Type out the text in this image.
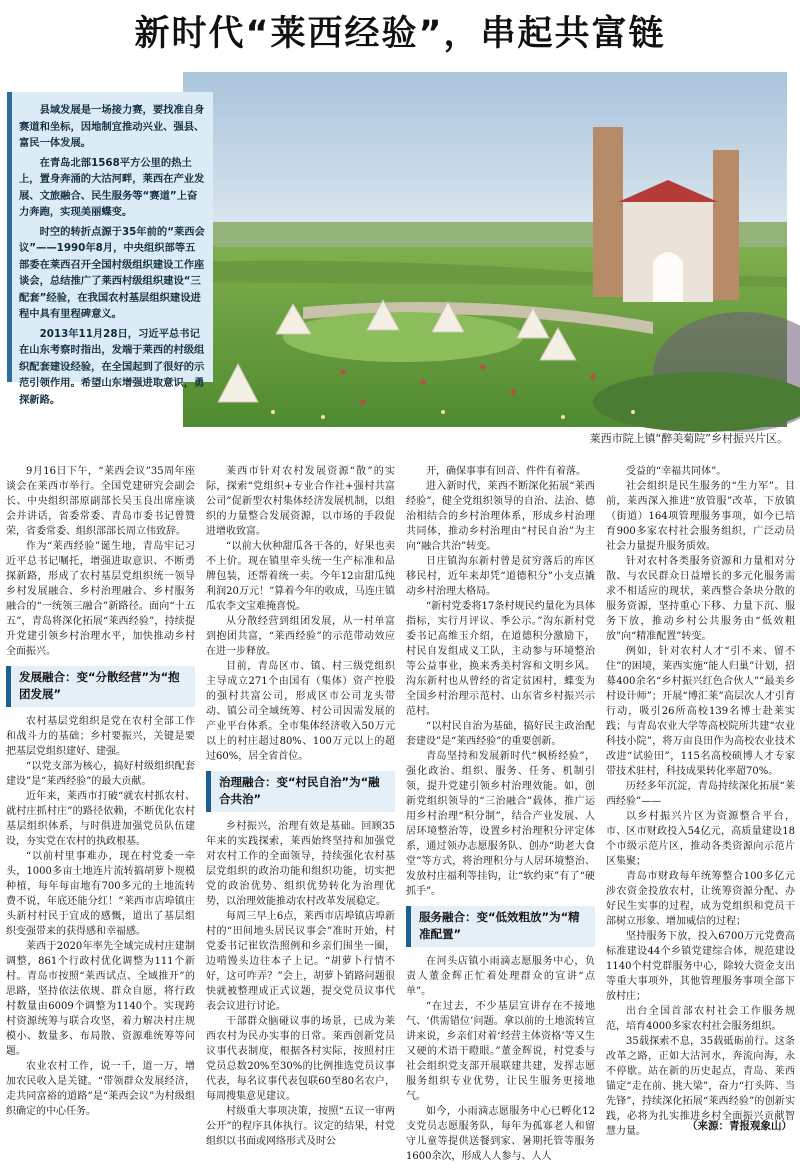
新时代“莱西经验”，串起共富链
莱西市院上镇“醉美菊院”乡村振兴片区。

县域发展是一场接力赛，要找准自身赛道和坐标，因地制宜推动兴业、强县、富民一体发展。

在青岛北部1568平方公里的热土上，置身奔涌的大沽河畔，莱西在产业发展、文旅融合、民生服务等“赛道”上奋力奔跑，实现美丽蝶变。

时空的转折点源于35年前的“莱西会议”——1990年8月，中央组织部等五部委在莱西召开全国村级组织建设工作座谈会，总结推广了莱西村级组织建设“三配套”经验，在我国农村基层组织建设进程中具有里程碑意义。

2013年11月28日，习近平总书记在山东考察时指出，发端于莱西的村级组织配套建设经验，在全国起到了很好的示范引领作用。希望山东增强进取意识，勇探新路。

9月16日下午，“莱西会议”35周年座谈会在莱西市举行。全国党建研究会副会长、中央组织部原副部长吴玉良出席座谈会并讲话，省委常委、青岛市委书记曾赞荣，省委常委、组织部部长周立伟致辞。

作为“莱西经验”诞生地，青岛牢记习近平总书记嘱托，增强进取意识、不断勇探新路，形成了农村基层党组织统一领导乡村发展融合、乡村治理融合、乡村服务融合的“一统领三融合”新路径。面向“十五五”，青岛将深化拓展“莱西经验”，持续提升党建引领乡村治理水平，加快推动乡村全面振兴。

发展融合：变“分散经营”为“抱团发展”

农村基层党组织是党在农村全部工作和战斗力的基础；乡村要振兴，关键是要把基层党组织建好、建强。

“以党支部为核心，搞好村级组织配套建设”是“莱西经验”的最大贡献。

近年来，莱西市打破“就农村抓农村、就村庄抓村庄”的路径依赖，不断优化农村基层组织体系，与时俱进加强党员队伍建设，夯实党在农村的执政根基。

“以前村里事难办，现在村党委一牵头，1000多亩土地连片流转搞胡萝卜规模种植，每年每亩地有700多元的土地流转费不说，年底还能分红！”莱西市店埠镇庄头新村村民于宜成的感慨，道出了基层组织变强带来的获得感和幸福感。

莱西于2020年率先全域完成村庄建制调整，861个行政村优化调整为111个新村。青岛市按照“莱西试点、全域推开”的思路，坚持依法依规、群众自愿，将行政村数量由6009个调整为1140个。实现跨村资源统筹与联合攻坚，着力解决村庄规模小、数量多、布局散、资源难统筹等问题。

农业农村工作，说一千，道一万，增加农民收入是关键。“带领群众发展经济，走共同富裕的道路”是“莱西会议”为村级组织确定的中心任务。

莱西市针对农村发展资源“散”的实际，探索“党组织+专业合作社+强村共富公司”促新型农村集体经济发展机制，以组织的力量整合发展资源，以市场的手段促进增收致富。

“以前大伙种甜瓜各干各的，好果也卖不上价。现在镇里牵头统一生产标准和品牌包装，还帮着统一卖。今年12亩甜瓜纯利润20万元！”算着今年的收成，马连庄镇瓜农李文宝难掩喜悦。

从分散经营到组团发展，从一村单富到抱团共富，“莱西经验”的示范带动效应在进一步释放。

目前，青岛区市、镇、村三级党组织主导成立271个由国有（集体）资产控股的强村共富公司，形成区市公司龙头带动、镇公司全域统筹、村公司因需发展的产业平台体系。全市集体经济收入50万元以上的村庄超过80%、100万元以上的超过60%，居全省首位。

治理融合：变“村民自治”为“融合共治”

乡村振兴，治理有效是基础。回顾35年来的实践探索，莱西始终坚持和加强党对农村工作的全面领导，持续强化农村基层党组织的政治功能和组织功能，切实把党的政治优势、组织优势转化为治理优势，以治理效能推动农村改革发展稳定。

每周三早上6点，莱西市店埠镇店埠新村的“田间地头居民议事会”准时开始，村党委书记崔钦浩照例和乡亲们围坐一圈，边啃馒头边往本子上记。“胡萝卜行情不好，这可咋弄？”会上，胡萝卜销路问题很快就被整理成正式议题，提交党员议事代表会议进行讨论。

干部群众脑碰议事的场景，已成为莱西农村为民办实事的日常。莱西创新党员议事代表制度，根据各村实际，按照村庄党员总数20%至30%的比例推选党员议事代表，每名议事代表包联60至80名农户，每周搜集意见建议。

村级重大事项决策，按照“五议一审两公开”的程序具体执行。议定的结果，村党组织以书面或网络形式及时公

开，确保事事有回音、件件有着落。

进入新时代，莱西不断深化拓展“莱西经验”，健全党组织领导的自治、法治、德治相结合的乡村治理体系，形成乡村治理共同体，推动乡村治理由“村民自治”为主向“融合共治”转变。

日庄镇沟东新村曾是贫穷落后的库区移民村，近年来却凭“道德积分”小支点撬动乡村治理大格局。

“新村党委将17条村规民约量化为具体指标，实行月评议、季公示。”沟东新村党委书记高维玉介绍，在道德积分激励下，村民自发组成义工队，主动参与环境整治等公益事业，换来秀美村容和文明乡风。沟东新村也从曾经的省定贫困村，蝶变为全国乡村治理示范村、山东省乡村振兴示范村。

“以村民自治为基础，搞好民主政治配套建设”是“莱西经验”的重要创新。

青岛坚持和发展新时代“枫桥经验”，强化政治、组织、服务、任务、机制引领，提升党建引领乡村治理效能。如，创新党组织领导的“三治融合”载体，推广运用乡村治理“积分制”，结合产业发展、人居环境整治等，设置乡村治理积分评定体系，通过领办志愿服务队、创办“助老大食堂”等方式，将治理积分与人居环境整治、发放村庄福利等挂钩，让“软约束”有了“硬抓手”。

服务融合：变“低效粗放”为“精准配置”

在河头店镇小雨滴志愿服务中心，负责人董金辉正忙着处理群众的宣讲“点单”。

“在过去，不少基层宣讲存在不接地气、‘供需错位’问题。拿以前的土地流转宣讲来说，乡亲们对着‘经营主体资格’等又生又硬的术语干瞪眼。”董金辉说，村党委与社会组织党支部开展联建共建，发挥志愿服务组织专业优势，让民生服务更接地气。

如今，小雨滴志愿服务中心已孵化12支党员志愿服务队，每年为孤寡老人和留守儿童等提供送餐到家、暑期托管等服务1600余次，形成人人参与、人人

受益的“幸福共同体”。

社会组织是民生服务的“生力军”。目前，莱西深入推进“放管服”改革，下放镇（街道）164项管理服务事项，如今已培育900多家农村社会服务组织，广泛动员社会力量提升服务质效。

针对农村各类服务资源和力量相对分散、与农民群众日益增长的多元化服务需求不相适应的现状，莱西整合条块分散的服务资源，坚持重心下移、力量下沉、服务下放，推动乡村公共服务由“低效粗放”向“精准配置”转变。

例如，针对农村人才“引不来、留不住”的困境，莱西实施“能人归巢”计划，招募400余名“乡村振兴红色合伙人”“最美乡村设计师”；开展“博汇莱”高层次人才引育行动，吸引26所高校139名博士赴莱实践；与青岛农业大学等高校院所共建“农业科技小院”，将万亩良田作为高校农业技术改进“试验田”，115名高校硕博人才专家带技术驻村，科技成果转化率超70%。

历经多年沉淀，青岛持续深化拓展“莱西经验”——

以乡村振兴片区为资源整合平台，市、区市财政投入54亿元，高质量建设18个市级示范片区，推动各类资源向示范片区集聚；

青岛市财政每年统筹整合100多亿元涉农资金投放农村，让统筹资源分配、办好民生实事的过程，成为党组织和党员干部树立形象、增加威信的过程；

坚持服务下放，投入6700万元党费高标准建设44个乡镇党建综合体，规范建设1140个村党群服务中心，除较大资金支出等重大事项外，其他管理服务事项全部下放村庄；

出台全国首部农村社会工作服务规范，培育4000多家农村社会服务组织。

35载探索不息，35载砥砺前行。这条改革之路，正如大沽河水，奔流向海，永不停歇。站在新的历史起点，青岛、莱西锚定“走在前、挑大梁”，奋力“打头阵、当先锋”，持续深化拓展“莱西经验”的创新实践，必将为扎实推进乡村全面振兴贡献智慧力量。	（来源：青报观象山）
